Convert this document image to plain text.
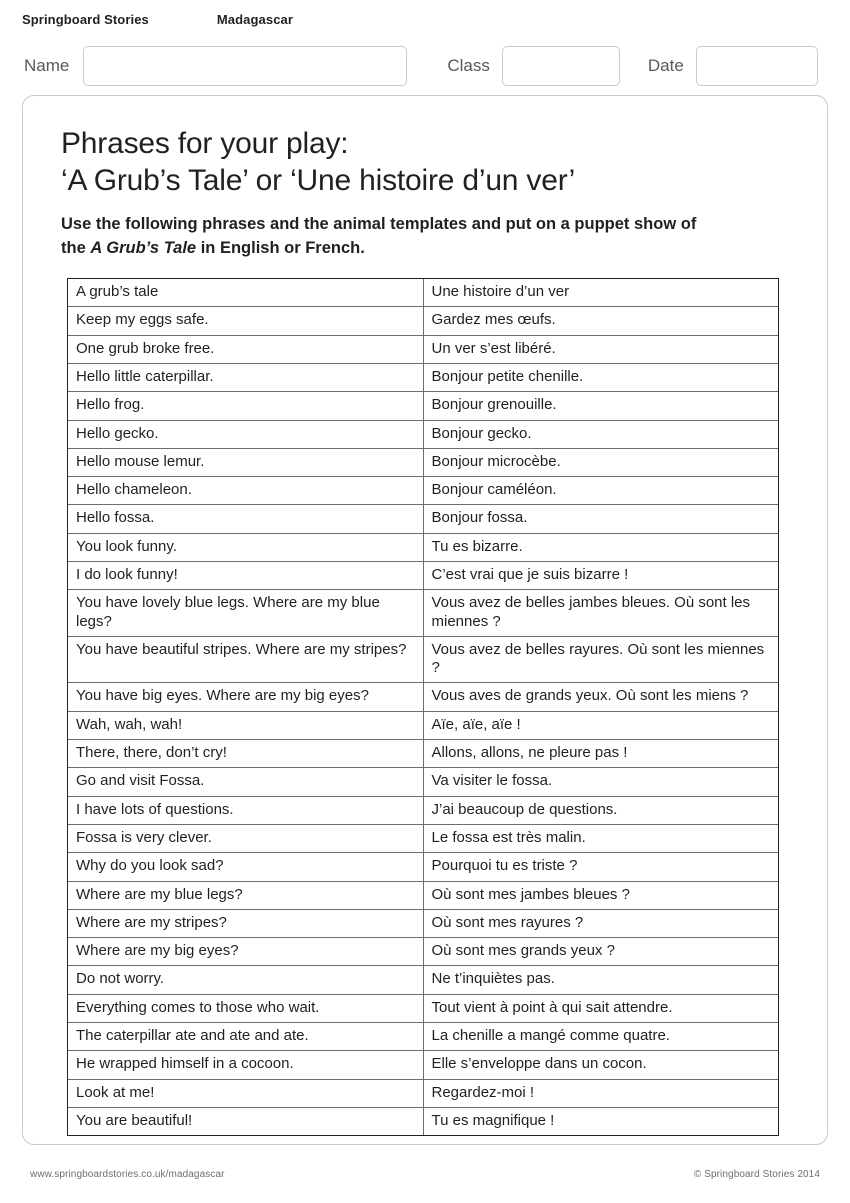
Springboard Stories	Madagascar
Name	Class	Date
Phrases for your play:
‘A Grub’s Tale’ or ‘Une histoire d’un ver’

Use the following phrases and the animal templates and put on a puppet show of the A Grub’s Tale in English or French.

A grub’s tale	Une histoire d’un ver
Keep my eggs safe.	Gardez mes œufs.
One grub broke free.	Un ver s’est libéré.
Hello little caterpillar.	Bonjour petite chenille.
Hello frog.	Bonjour grenouille.
Hello gecko.	Bonjour gecko.
Hello mouse lemur.	Bonjour microcèbe.
Hello chameleon.	Bonjour caméléon.
Hello fossa.	Bonjour fossa.
You look funny.	Tu es bizarre.
I do look funny!	C’est vrai que je suis bizarre !
You have lovely blue legs. Where are my blue legs?	Vous avez de belles jambes bleues. Où sont les miennes ?
You have beautiful stripes. Where are my stripes?	Vous avez de belles rayures. Où sont les miennes ?
You have big eyes. Where are my big eyes?	Vous aves de grands yeux. Où sont les miens ?
Wah, wah, wah!	Aïe, aïe, aïe !
There, there, don’t cry!	Allons, allons, ne pleure pas !
Go and visit Fossa.	Va visiter le fossa.
I have lots of questions.	J’ai beaucoup de questions.
Fossa is very clever.	Le fossa est très malin.
Why do you look sad?	Pourquoi tu es triste ?
Where are my blue legs?	Où sont mes jambes bleues ?
Where are my stripes?	Où sont mes rayures ?
Where are my big eyes?	Où sont mes grands yeux ?
Do not worry.	Ne t’inquiètes pas.
Everything comes to those who wait.	Tout vient à point à qui sait attendre.
The caterpillar ate and ate and ate.	La chenille a mangé comme quatre.
He wrapped himself in a cocoon.	Elle s’enveloppe dans un cocon.
Look at me!	Regardez-moi !
You are beautiful!	Tu es magnifique !
www.springboardstories.co.uk/madagascar	© Springboard Stories 2014
